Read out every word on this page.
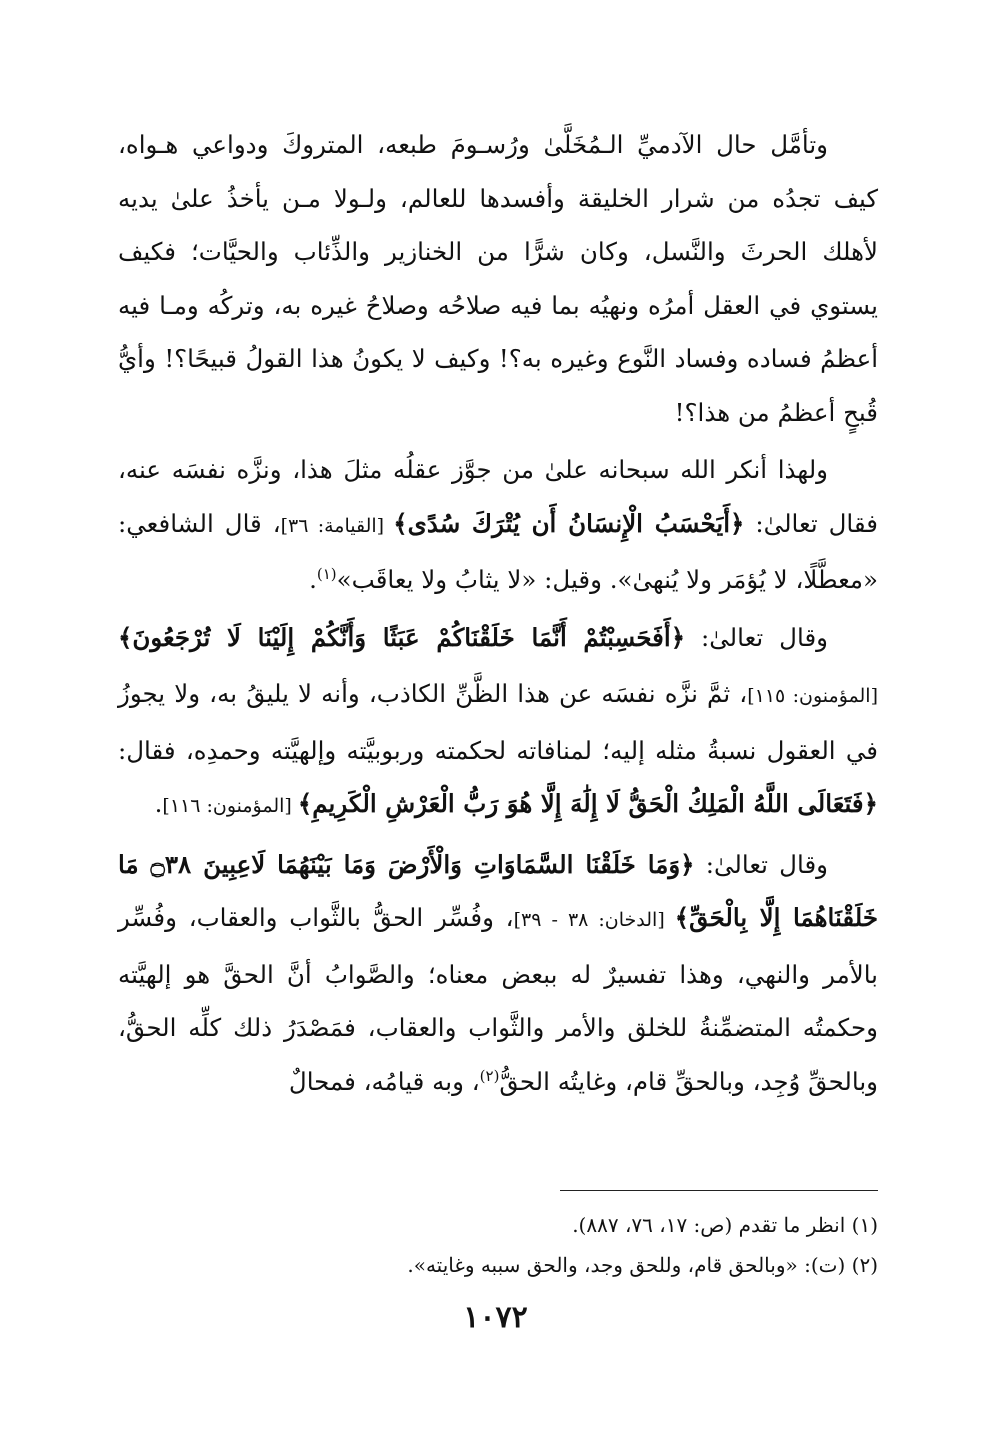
وتأمَّل حال الآدميِّ الـمُخَلَّىٰ ورُسـومَ طبعه، المتروكَ ودواعي هـواه، كيف تجدُه من شرار الخليقة وأفسدها للعالم، ولـولا مـن يأخذُ علىٰ يديه لأهلك الحرثَ والنَّسل، وكان شرًّا من الخنازير والذِّئاب والحيَّات؛ فكيف يستوي في العقل أمرُه ونهيُه بما فيه صلاحُه وصلاحُ غيره به، وتركُه ومـا فيه أعظمُ فساده وفساد النَّوع وغيره به؟! وكيف لا يكونُ هذا القولُ قبيحًا؟! وأيُّ قُبحٍ أعظمُ من هذا؟!

ولهذا أنكر الله سبحانه علىٰ من جوَّز عقلُه مثلَ هذا، ونزَّه نفسَه عنه، فقال تعالىٰ: ﴿أَيَحْسَبُ الْإِنسَانُ أَن يُتْرَكَ سُدًى﴾ [القيامة: ٣٦]، قال الشافعي: «معطَّلًا، لا يُؤمَر ولا يُنهىٰ». وقيل: «لا يثابُ ولا يعاقَب»$^{(١)}$.

وقال تعالىٰ: ﴿أَفَحَسِبْتُمْ أَنَّمَا خَلَقْنَاكُمْ عَبَثًا وَأَنَّكُمْ إِلَيْنَا لَا تُرْجَعُونَ﴾ [المؤمنون: ١١٥]، ثمَّ نزَّه نفسَه عن هذا الظَّنِّ الكاذب، وأنه لا يليقُ به، ولا يجوزُ في العقول نسبةُ مثله إليه؛ لمنافاته لحكمته وربوبيَّته وإلهيَّته وحمدِه، فقال: ﴿فَتَعَالَى اللَّهُ الْمَلِكُ الْحَقُّ لَا إِلَٰهَ إِلَّا هُوَ رَبُّ الْعَرْشِ الْكَرِيمِ﴾ [المؤمنون: ١١٦].

وقال تعالىٰ: ﴿وَمَا خَلَقْنَا السَّمَاوَاتِ وَالْأَرْضَ وَمَا بَيْنَهُمَا لَاعِبِينَ ۝٣٨ مَا خَلَقْنَاهُمَا إِلَّا بِالْحَقِّ﴾ [الدخان: ٣٨ - ٣٩]، وفُسِّر الحقُّ بالثَّواب والعقاب، وفُسِّر بالأمر والنهي، وهذا تفسيرٌ له ببعض معناه؛ والصَّوابُ أنَّ الحقَّ هو إلهيَّته وحكمتُه المتضمِّنةُ للخلق والأمر والثَّواب والعقاب، فمَصْدَرُ ذلك كلِّه الحقُّ، وبالحقِّ وُجِد، وبالحقِّ قام، وغايتُه الحقُّ$^{(٢)}$، وبه قيامُه، فمحالٌ

(١) انظر ما تقدم (ص: ١٧، ٧٦، ٨٨٧).

(٢) (ت): «وبالحق قام، وللحق وجد، والحق سببه وغايته».

١٠٧٢
